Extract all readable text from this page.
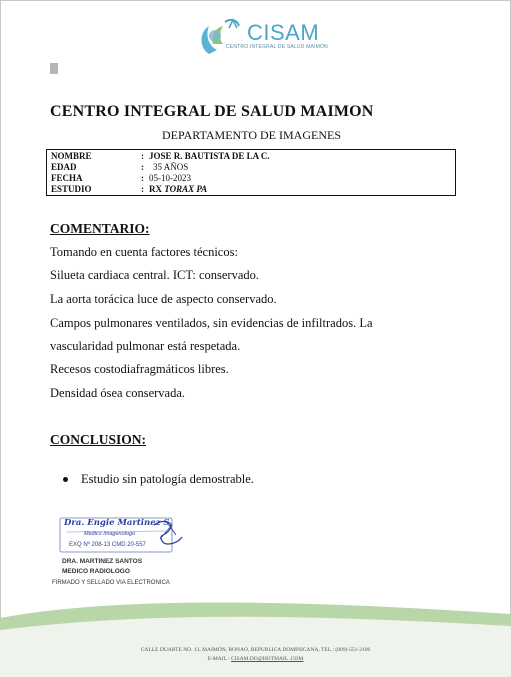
CISAM
CENTRO INTEGRAL DE SALUD MAIMON
CENTRO INTEGRAL DE SALUD MAIMON
DEPARTAMENTO DE IMAGENES
NOMBRE	: JOSE R. BAUTISTA DE LA C.
EDAD	: 35 AÑOS
FECHA	: 05-10-2023
ESTUDIO	: RX TORAX PA
COMENTARIO:
Tomando en cuenta factores técnicos:
Silueta cardiaca central. ICT: conservado.
La aorta torácica luce de aspecto conservado.
Campos pulmonares ventilados, sin evidencias de infiltrados. La
vascularidad pulmonar está respetada.
Recesos costodiafragmáticos libres.
Densidad ósea conservada.
CONCLUSION:
Estudio sin patología demostrable.
Dra. Engie Martinez S.
Medico Imagenologo
EXQ Nº 208-13 CMD 20-557
DRA. MARTINEZ SANTOS
MEDICO RADIOLOGO
FIRMADO Y SELLADO VIA ELECTRONICA
CALLE DUARTE NO. 13, MAIMÓN, BONAO, REPUBLICA DOMINICANA, TEL.: (809)-551-2106
E-MAIL : CISAM.DO@HOTMAIL .COM
